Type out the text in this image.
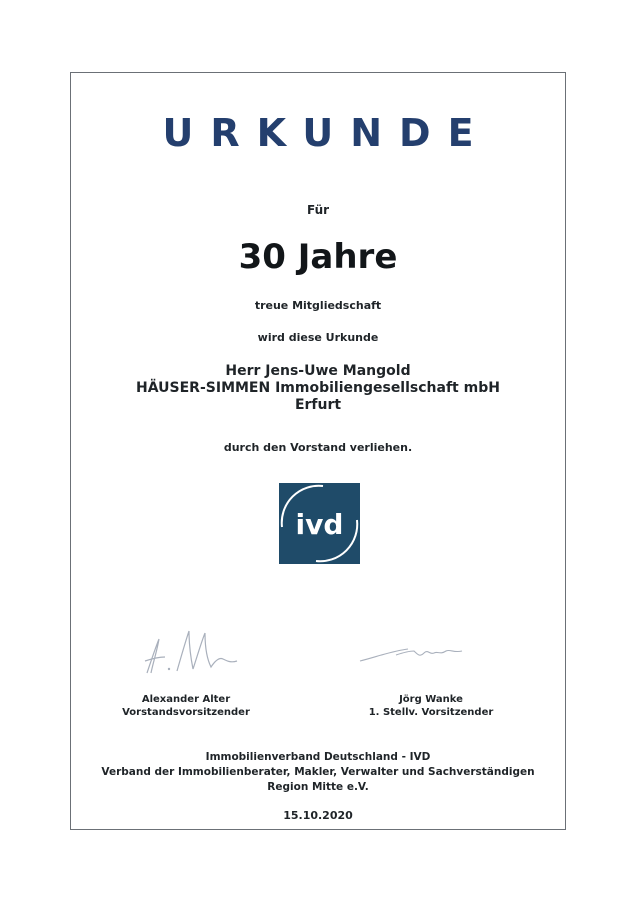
URKUNDE
Für
30 Jahre
treue Mitgliedschaft
wird diese Urkunde
Herr Jens-Uwe Mangold
HÄUSER-SIMMEN Immobiliengesellschaft mbH
Erfurt
durch den Vorstand verliehen.
ivd
Alexander Alter
Vorstandsvorsitzender
Jörg Wanke
1. Stellv. Vorsitzender
Immobilienverband Deutschland - IVD
Verband der Immobilienberater, Makler, Verwalter und Sachverständigen
Region Mitte e.V.
15.10.2020
